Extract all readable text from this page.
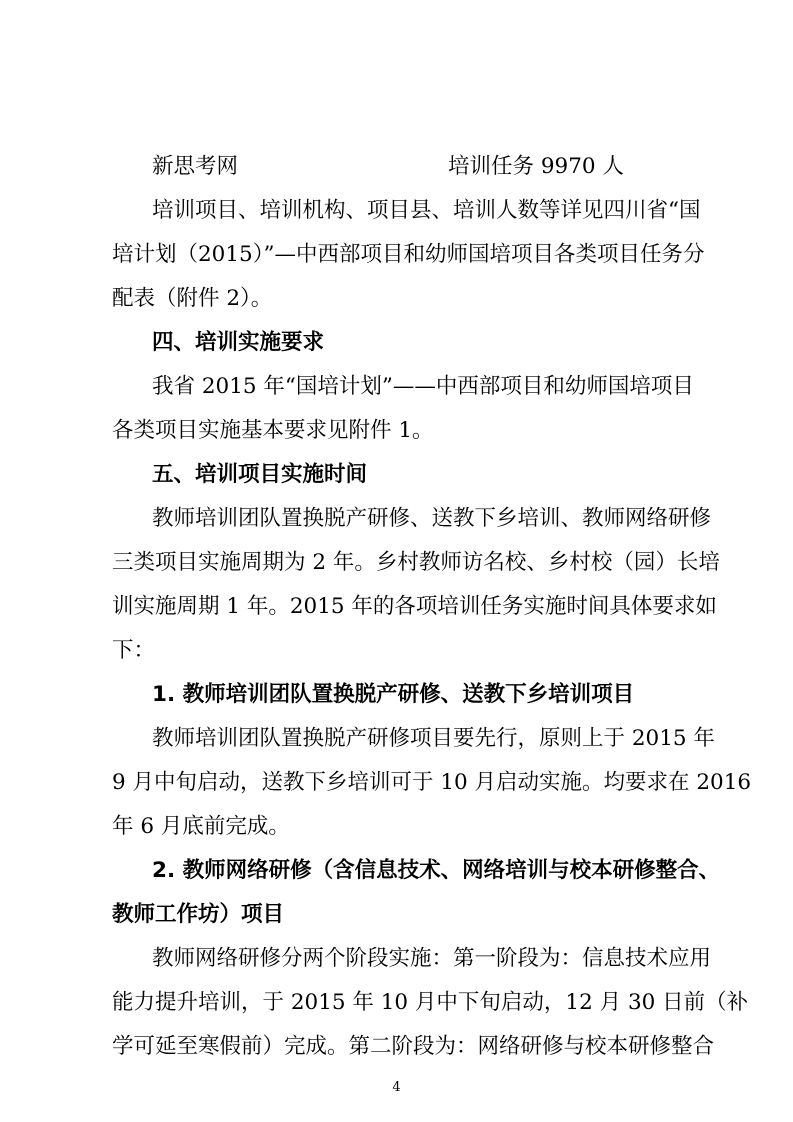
新思考网	培训任务 9970 人
培训项目、培训机构、项目县、培训人数等详见四川省“国
培计划（2015）”—中西部项目和幼师国培项目各类项目任务分
配表（附件 2）。
四、培训实施要求
我省 2015 年“国培计划”——中西部项目和幼师国培项目
各类项目实施基本要求见附件 1。
五、培训项目实施时间
教师培训团队置换脱产研修、送教下乡培训、教师网络研修
三类项目实施周期为 2 年。乡村教师访名校、乡村校（园）长培
训实施周期 1 年。2015 年的各项培训任务实施时间具体要求如
下：
1. 教师培训团队置换脱产研修、送教下乡培训项目
教师培训团队置换脱产研修项目要先行，原则上于 2015 年
9 月中旬启动，送教下乡培训可于 10 月启动实施。均要求在 2016
年 6 月底前完成。
2. 教师网络研修（含信息技术、网络培训与校本研修整合、
教师工作坊）项目
教师网络研修分两个阶段实施：第一阶段为：信息技术应用
能力提升培训，于 2015 年 10 月中下旬启动，12 月 30 日前（补
学可延至寒假前）完成。第二阶段为：网络研修与校本研修整合
4
